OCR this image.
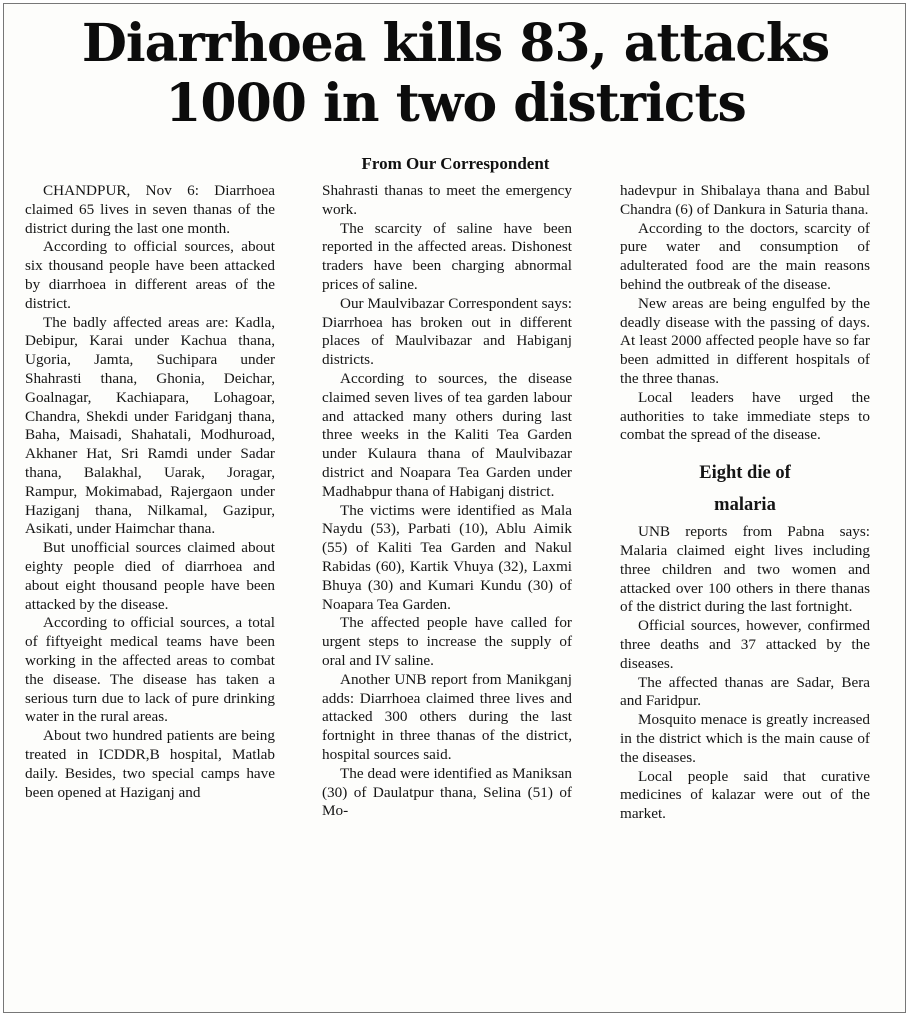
Diarrhoea kills 83, attacks
1000 in two districts
From Our Correspondent

CHANDPUR, Nov 6: Diarrhoea claimed 65 lives in seven thanas of the district during the last one month.

According to official sources, about six thousand people have been attacked by diarrhoea in different areas of the district.

The badly affected areas are: Kadla, Debipur, Karai under Kachua thana, Ugoria, Jamta, Suchipara under Shahrasti thana, Ghonia, Deichar, Goalnagar, Kachiapara, Lohagoar, Chandra, Shekdi under Faridganj thana, Baha, Maisadi, Shahatali, Modhuroad, Akhaner Hat, Sri Ramdi under Sadar thana, Balakhal, Uarak, Joragar, Rampur, Mokimabad, Rajergaon under Haziganj thana, Nilkamal, Gazipur, Asikati, under Haimchar thana.

But unofficial sources claimed about eighty people died of diarrhoea and about eight thousand people have been attacked by the disease.

According to official sources, a total of fiftyeight medical teams have been working in the affected areas to combat the disease. The disease has taken a serious turn due to lack of pure drinking water in the rural areas.

About two hundred patients are being treated in ICDDR,B hospital, Matlab daily. Besides, two special camps have been opened at Haziganj and

Shahrasti thanas to meet the emergency work.

The scarcity of saline have been reported in the affected areas. Dishonest traders have been charging abnormal prices of saline.

Our Maulvibazar Correspondent says: Diarrhoea has broken out in different places of Maulvibazar and Habiganj districts.

According to sources, the disease claimed seven lives of tea garden labour and attacked many others during last three weeks in the Kaliti Tea Garden under Kulaura thana of Maulvibazar district and Noapara Tea Garden under Madhabpur thana of Habiganj district.

The victims were identified as Mala Naydu (53), Parbati (10), Ablu Aimik (55) of Kaliti Tea Garden and Nakul Rabidas (60), Kartik Vhuya (32), Laxmi Bhuya (30) and Kumari Kundu (30) of Noapara Tea Garden.

The affected people have called for urgent steps to increase the supply of oral and IV saline.

Another UNB report from Manikganj adds: Diarrhoea claimed three lives and attacked 300 others during the last fortnight in three thanas of the district, hospital sources said.

The dead were identified as Maniksan (30) of Daulatpur thana, Selina (51) of Mo-

hadevpur in Shibalaya thana and Babul Chandra (6) of Dankura in Saturia thana.

According to the doctors, scarcity of pure water and consumption of adulterated food are the main reasons behind the outbreak of the disease.

New areas are being engulfed by the deadly disease with the passing of days. At least 2000 affected people have so far been admitted in different hospitals of the three thanas.

Local leaders have urged the authorities to take immediate steps to combat the spread of the disease.

Eight die of
malaria

UNB reports from Pabna says: Malaria claimed eight lives including three children and two women and attacked over 100 others in there thanas of the district during the last fortnight.

Official sources, however, confirmed three deaths and 37 attacked by the diseases.

The affected thanas are Sadar, Bera and Faridpur.

Mosquito menace is greatly increased in the district which is the main cause of the diseases.

Local people said that curative medicines of kalazar were out of the market.
